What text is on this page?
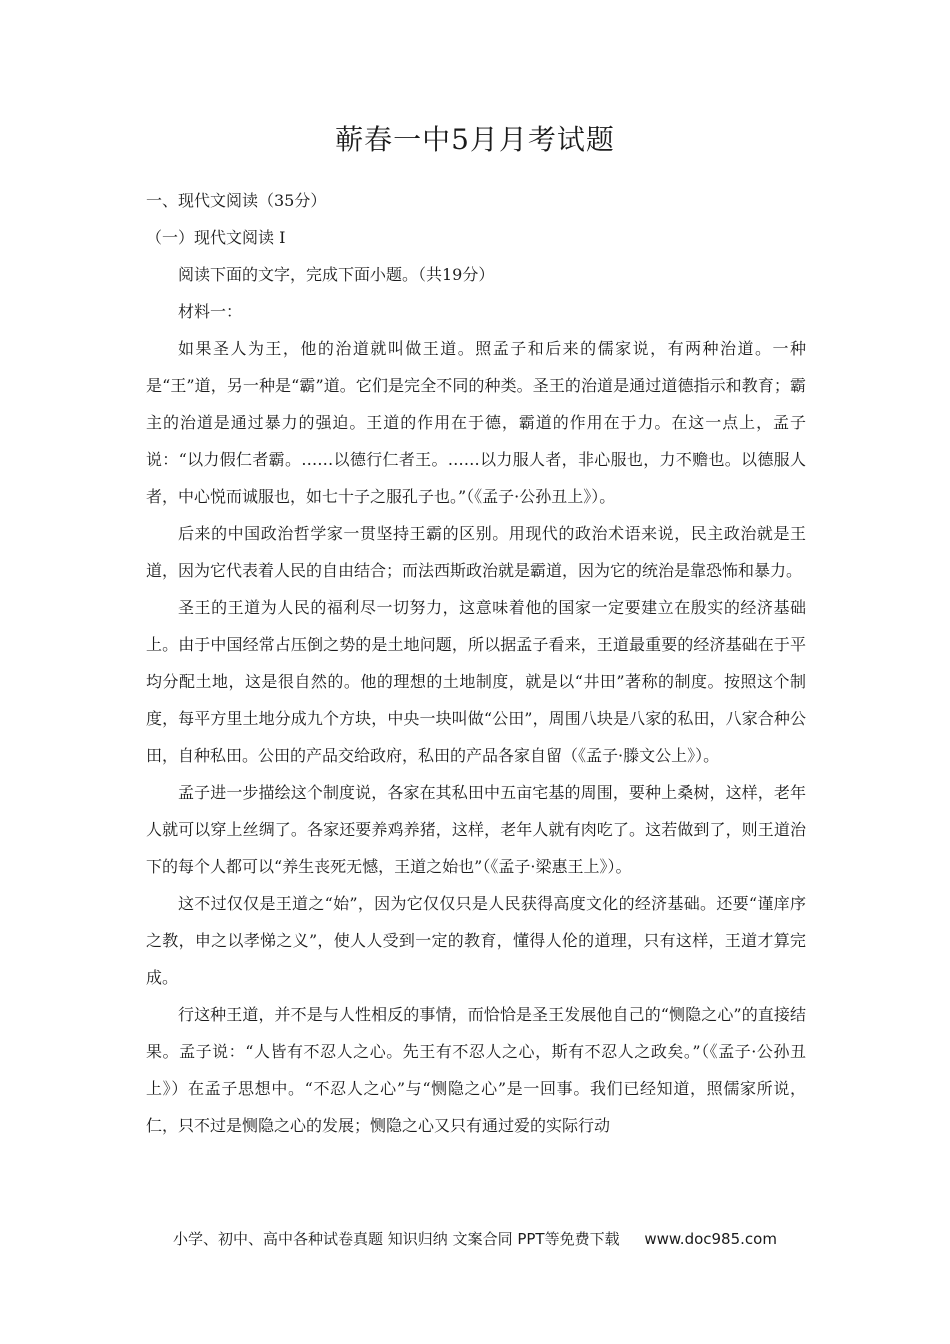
蕲春一中5月月考试题

一、现代文阅读（35分）

（一）现代文阅读 I

阅读下面的文字，完成下面小题。（共19分）

材料一：

如果圣人为王，他的治道就叫做王道。照孟子和后来的儒家说，有两种治道。一种是“王”道，另一种是“霸”道。它们是完全不同的种类。圣王的治道是通过道德指示和教育；霸主的治道是通过暴力的强迫。王道的作用在于德，霸道的作用在于力。在这一点上，孟子说：“以力假仁者霸。……以德行仁者王。……以力服人者，非心服也，力不赡也。以德服人者，中心悦而诚服也，如七十子之服孔子也。”（《孟子·公孙丑上》）。

后来的中国政治哲学家一贯坚持王霸的区别。用现代的政治术语来说，民主政治就是王道，因为它代表着人民的自由结合；而法西斯政治就是霸道，因为它的统治是靠恐怖和暴力。

圣王的王道为人民的福利尽一切努力，这意味着他的国家一定要建立在殷实的经济基础上。由于中国经常占压倒之势的是土地问题，所以据孟子看来，王道最重要的经济基础在于平均分配土地，这是很自然的。他的理想的土地制度，就是以“井田”著称的制度。按照这个制度，每平方里土地分成九个方块，中央一块叫做“公田”，周围八块是八家的私田，八家合种公田，自种私田。公田的产品交给政府，私田的产品各家自留（《孟子·滕文公上》）。

孟子进一步描绘这个制度说，各家在其私田中五亩宅基的周围，要种上桑树，这样，老年人就可以穿上丝绸了。各家还要养鸡养猪，这样，老年人就有肉吃了。这若做到了，则王道治下的每个人都可以“养生丧死无憾，王道之始也”（《孟子·梁惠王上》）。

这不过仅仅是王道之“始”，因为它仅仅只是人民获得高度文化的经济基础。还要“谨庠序之教，申之以孝悌之义”，使人人受到一定的教育，懂得人伦的道理，只有这样，王道才算完成。

行这种王道，并不是与人性相反的事情，而恰恰是圣王发展他自己的“恻隐之心”的直接结果。孟子说：“人皆有不忍人之心。先王有不忍人之心，斯有不忍人之政矣。”（《孟子·公孙丑上》）在孟子思想中。“不忍人之心”与“恻隐之心”是一回事。我们已经知道，照儒家所说，仁，只不过是恻隐之心的发展；恻隐之心又只有通过爱的实际行动

小学、初中、高中各种试卷真题 知识归纳 文案合同 PPT等免费下载 www.doc985.com
